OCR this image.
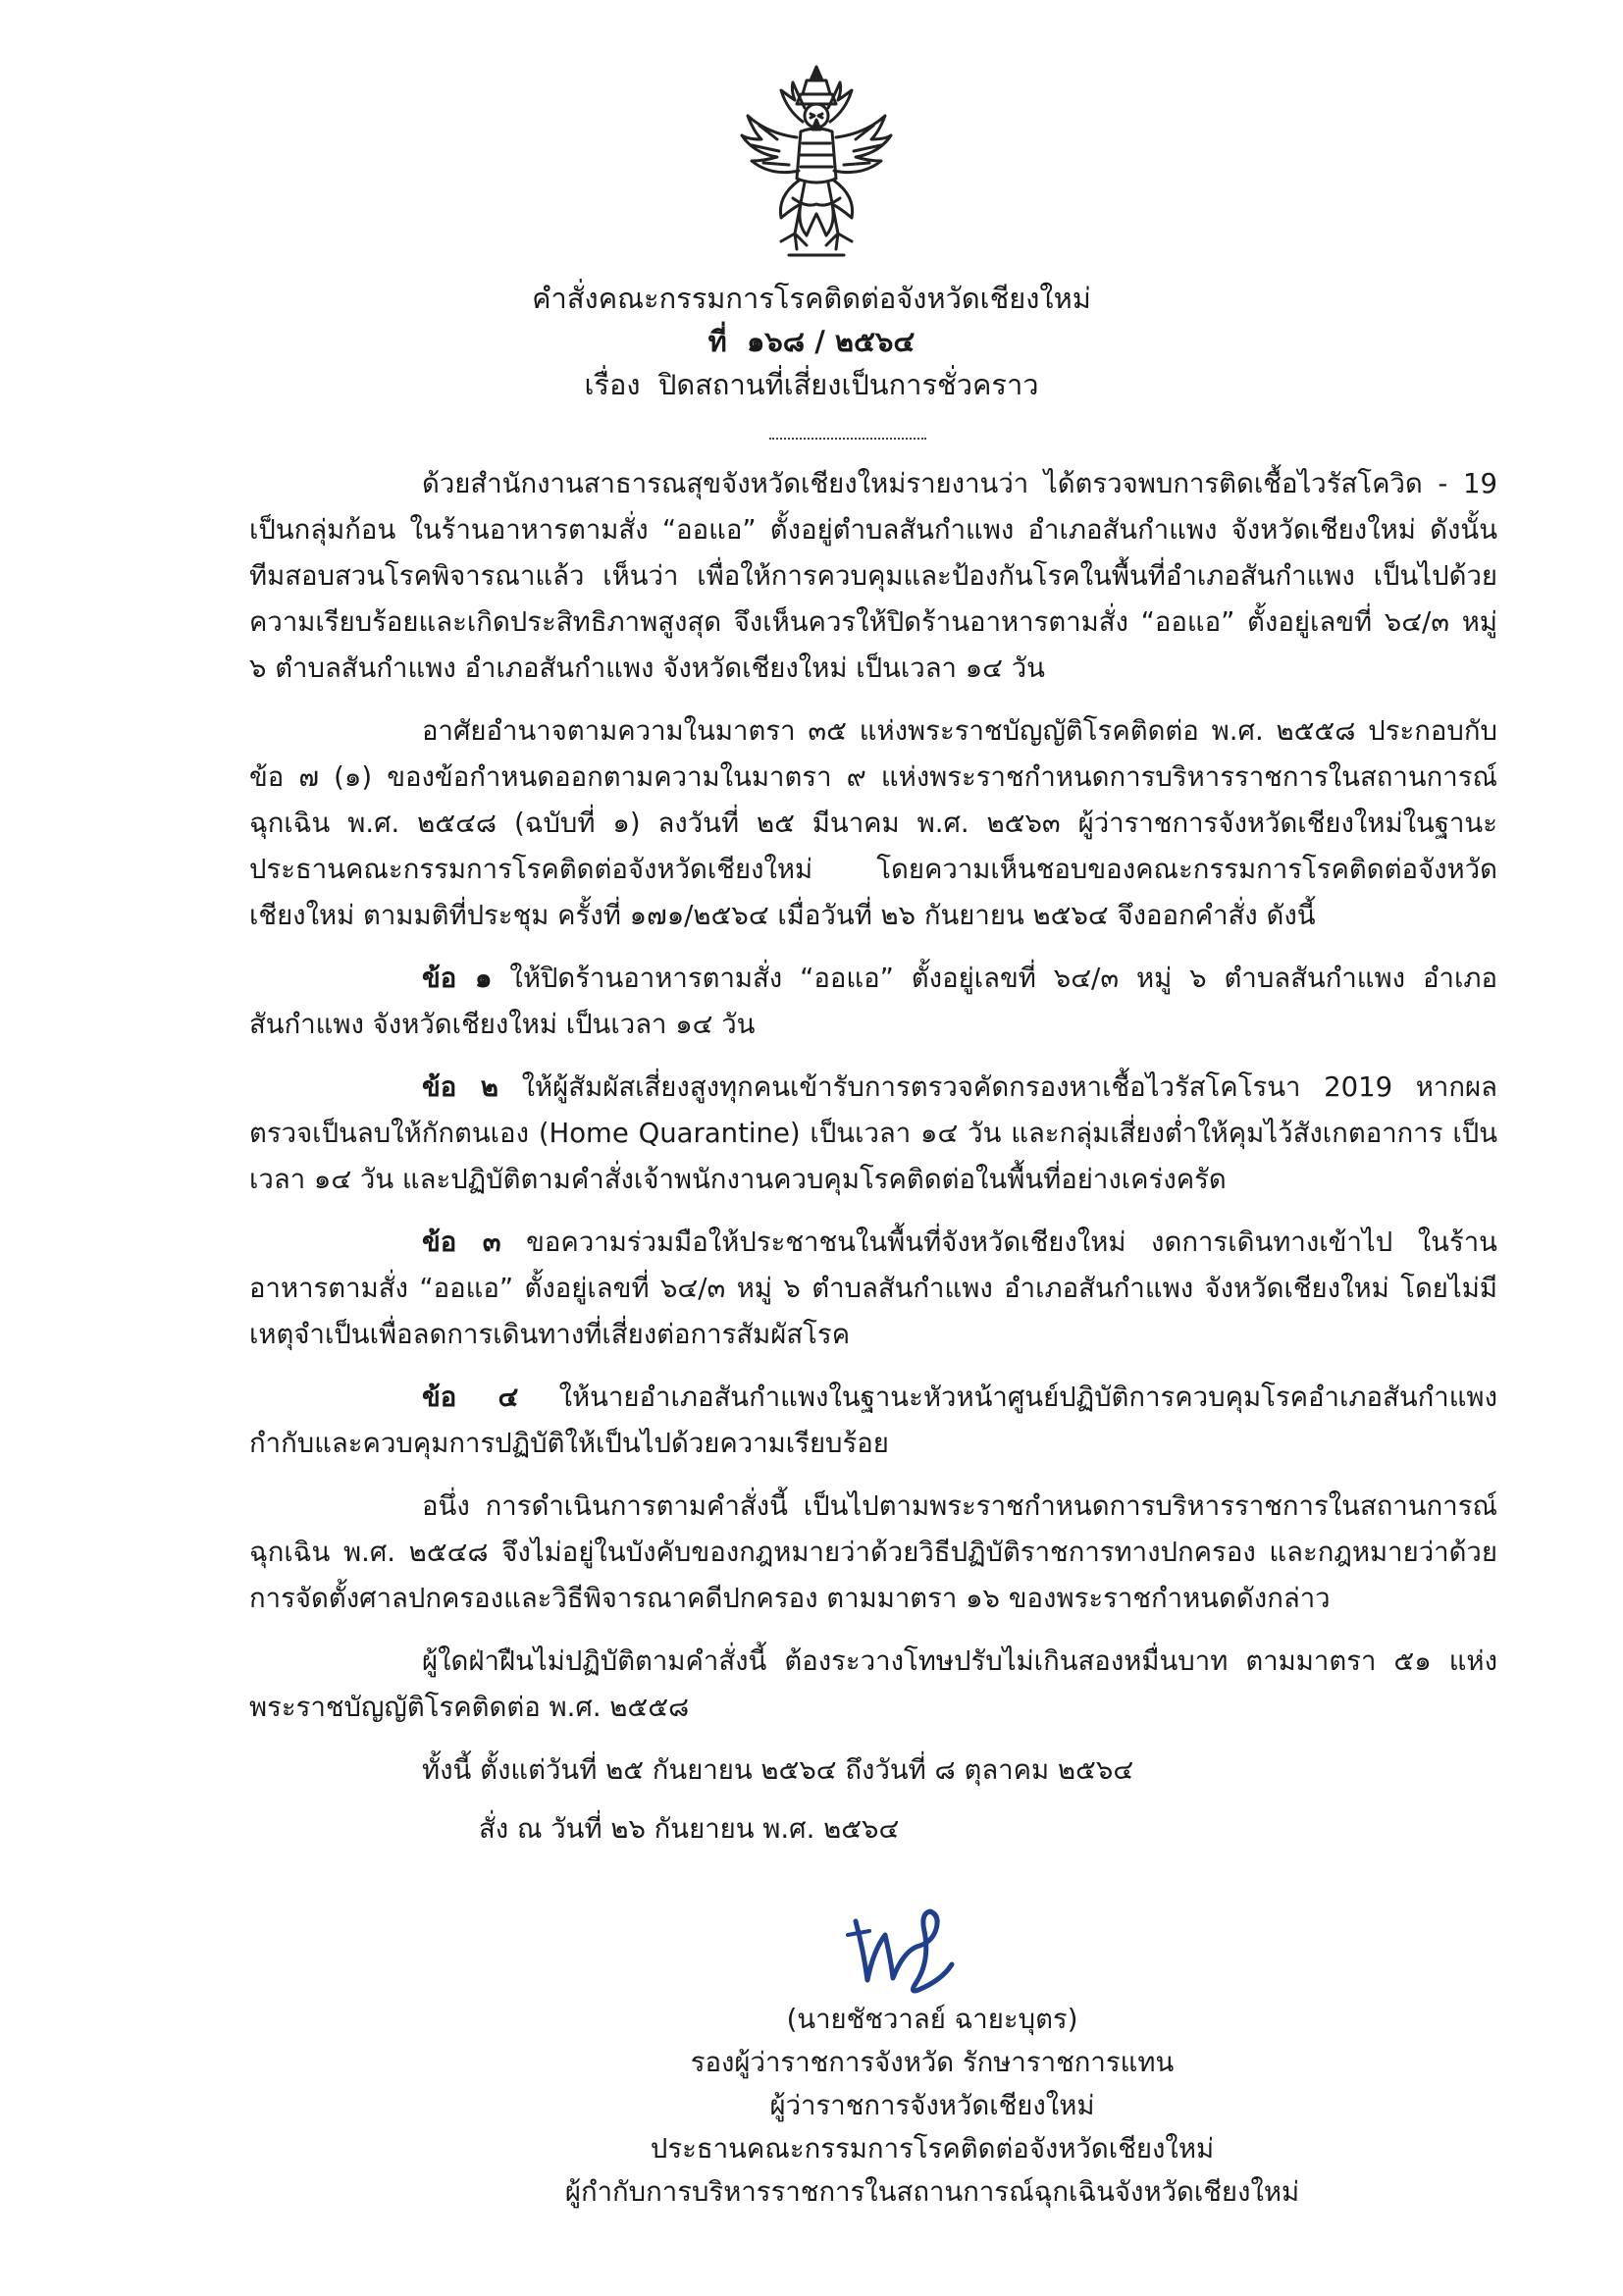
คำสั่งคณะกรรมการโรคติดต่อจังหวัดเชียงใหม่
ที่ ๑๖๘ / ๒๕๖๔
เรื่อง ปิดสถานที่เสี่ยงเป็นการชั่วคราว

ด้วยสำนักงานสาธารณสุขจังหวัดเชียงใหม่รายงานว่า ได้ตรวจพบการติดเชื้อไวรัสโควิด - 19 เป็นกลุ่มก้อน ในร้านอาหารตามสั่ง “ออแอ” ตั้งอยู่ตำบลสันกำแพง อำเภอสันกำแพง จังหวัดเชียงใหม่ ดังนั้น ทีมสอบสวนโรคพิจารณาแล้ว เห็นว่า เพื่อให้การควบคุมและป้องกันโรคในพื้นที่อำเภอสันกำแพง เป็นไปด้วยความเรียบร้อยและเกิดประสิทธิภาพสูงสุด จึงเห็นควรให้ปิดร้านอาหารตามสั่ง “ออแอ” ตั้งอยู่เลขที่ ๖๔/๓ หมู่ ๖ ตำบลสันกำแพง อำเภอสันกำแพง จังหวัดเชียงใหม่ เป็นเวลา ๑๔ วัน

อาศัยอำนาจตามความในมาตรา ๓๕ แห่งพระราชบัญญัติโรคติดต่อ พ.ศ. ๒๕๕๘ ประกอบกับ ข้อ ๗ (๑) ของข้อกำหนดออกตามความในมาตรา ๙ แห่งพระราชกำหนดการบริหารราชการในสถานการณ์ฉุกเฉิน พ.ศ. ๒๕๔๘ (ฉบับที่ ๑) ลงวันที่ ๒๕ มีนาคม พ.ศ. ๒๕๖๓ ผู้ว่าราชการจังหวัดเชียงใหม่ในฐานะประธานคณะกรรมการโรคติดต่อจังหวัดเชียงใหม่ โดยความเห็นชอบของคณะกรรมการโรคติดต่อจังหวัดเชียงใหม่ ตามมติที่ประชุม ครั้งที่ ๑๗๑/๒๕๖๔ เมื่อวันที่ ๒๖ กันยายน ๒๕๖๔ จึงออกคำสั่ง ดังนี้

ข้อ ๑ ให้ปิดร้านอาหารตามสั่ง “ออแอ” ตั้งอยู่เลขที่ ๖๔/๓ หมู่ ๖ ตำบลสันกำแพง อำเภอสันกำแพง จังหวัดเชียงใหม่ เป็นเวลา ๑๔ วัน

ข้อ ๒ ให้ผู้สัมผัสเสี่ยงสูงทุกคนเข้ารับการตรวจคัดกรองหาเชื้อไวรัสโคโรนา 2019 หากผลตรวจเป็นลบให้กักตนเอง (Home Quarantine) เป็นเวลา ๑๔ วัน และกลุ่มเสี่ยงต่ำให้คุมไว้สังเกตอาการ เป็นเวลา ๑๔ วัน และปฏิบัติตามคำสั่งเจ้าพนักงานควบคุมโรคติดต่อในพื้นที่อย่างเคร่งครัด

ข้อ ๓ ขอความร่วมมือให้ประชาชนในพื้นที่จังหวัดเชียงใหม่ งดการเดินทางเข้าไป ในร้านอาหารตามสั่ง “ออแอ” ตั้งอยู่เลขที่ ๖๔/๓ หมู่ ๖ ตำบลสันกำแพง อำเภอสันกำแพง จังหวัดเชียงใหม่ โดยไม่มีเหตุจำเป็นเพื่อลดการเดินทางที่เสี่ยงต่อการสัมผัสโรค

ข้อ ๔ ให้นายอำเภอสันกำแพงในฐานะหัวหน้าศูนย์ปฏิบัติการควบคุมโรคอำเภอสันกำแพง กำกับและควบคุมการปฏิบัติให้เป็นไปด้วยความเรียบร้อย

อนึ่ง การดำเนินการตามคำสั่งนี้ เป็นไปตามพระราชกำหนดการบริหารราชการในสถานการณ์ฉุกเฉิน พ.ศ. ๒๕๔๘ จึงไม่อยู่ในบังคับของกฎหมายว่าด้วยวิธีปฏิบัติราชการทางปกครอง และกฎหมายว่าด้วยการจัดตั้งศาลปกครองและวิธีพิจารณาคดีปกครอง ตามมาตรา ๑๖ ของพระราชกำหนดดังกล่าว

ผู้ใดฝ่าฝืนไม่ปฏิบัติตามคำสั่งนี้ ต้องระวางโทษปรับไม่เกินสองหมื่นบาท ตามมาตรา ๕๑ แห่งพระราชบัญญัติโรคติดต่อ พ.ศ. ๒๕๕๘

ทั้งนี้ ตั้งแต่วันที่ ๒๕ กันยายน ๒๕๖๔ ถึงวันที่ ๘ ตุลาคม ๒๕๖๔

สั่ง ณ วันที่ ๒๖ กันยายน พ.ศ. ๒๕๖๔

(นายชัชวาลย์ ฉายะบุตร)
รองผู้ว่าราชการจังหวัด รักษาราชการแทน
ผู้ว่าราชการจังหวัดเชียงใหม่
ประธานคณะกรรมการโรคติดต่อจังหวัดเชียงใหม่
ผู้กำกับการบริหารราชการในสถานการณ์ฉุกเฉินจังหวัดเชียงใหม่
